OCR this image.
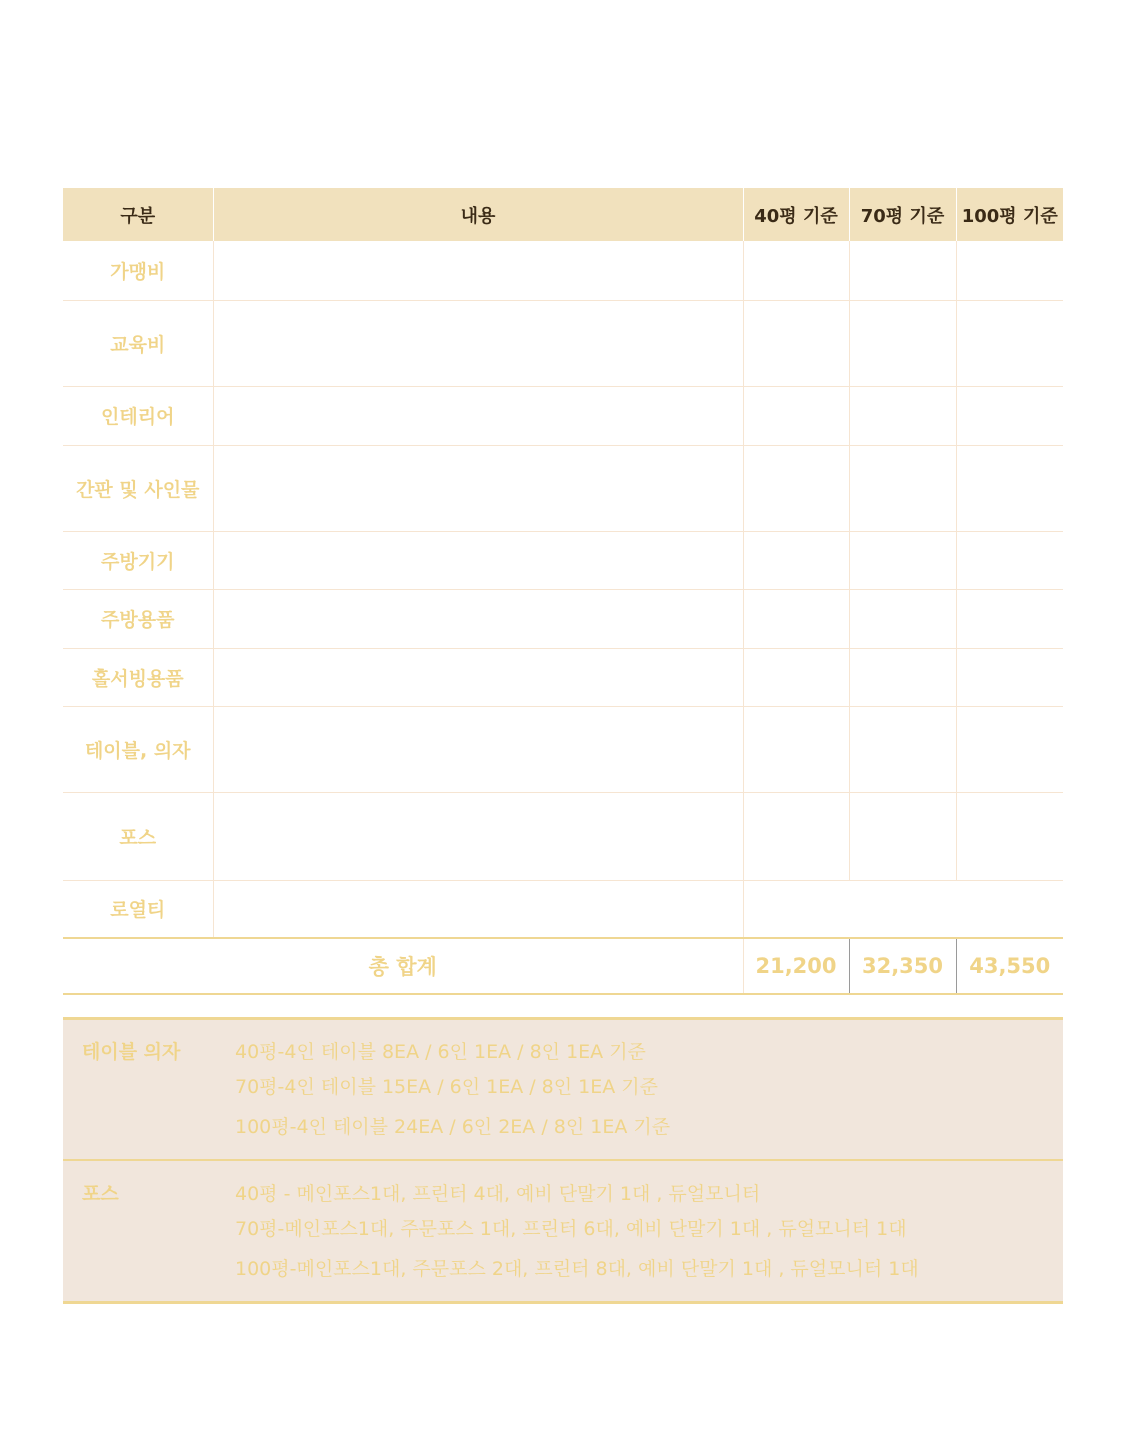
구분	내용	40평 기준	70평 기준	100평 기준
가맹비				
교육비				
인테리어				
간판 및 사인물				
주방기기				
주방용품				
홀서빙용품				
테이블, 의자				
포스				
로열티				
총 합계		21,200	32,350	43,550
테이블 의자	40평-4인 테이블 8EA / 6인 1EA / 8인 1EA 기준
70평-4인 테이블 15EA / 6인 1EA / 8인 1EA 기준
100평-4인 테이블 24EA / 6인 2EA / 8인 1EA 기준
포스	40평 - 메인포스1대, 프린터 4대, 예비 단말기 1대 , 듀얼모니터
70평-메인포스1대, 주문포스 1대, 프린터 6대, 예비 단말기 1대 , 듀얼모니터 1대
100평-메인포스1대, 주문포스 2대, 프린터 8대, 예비 단말기 1대 , 듀얼모니터 1대
